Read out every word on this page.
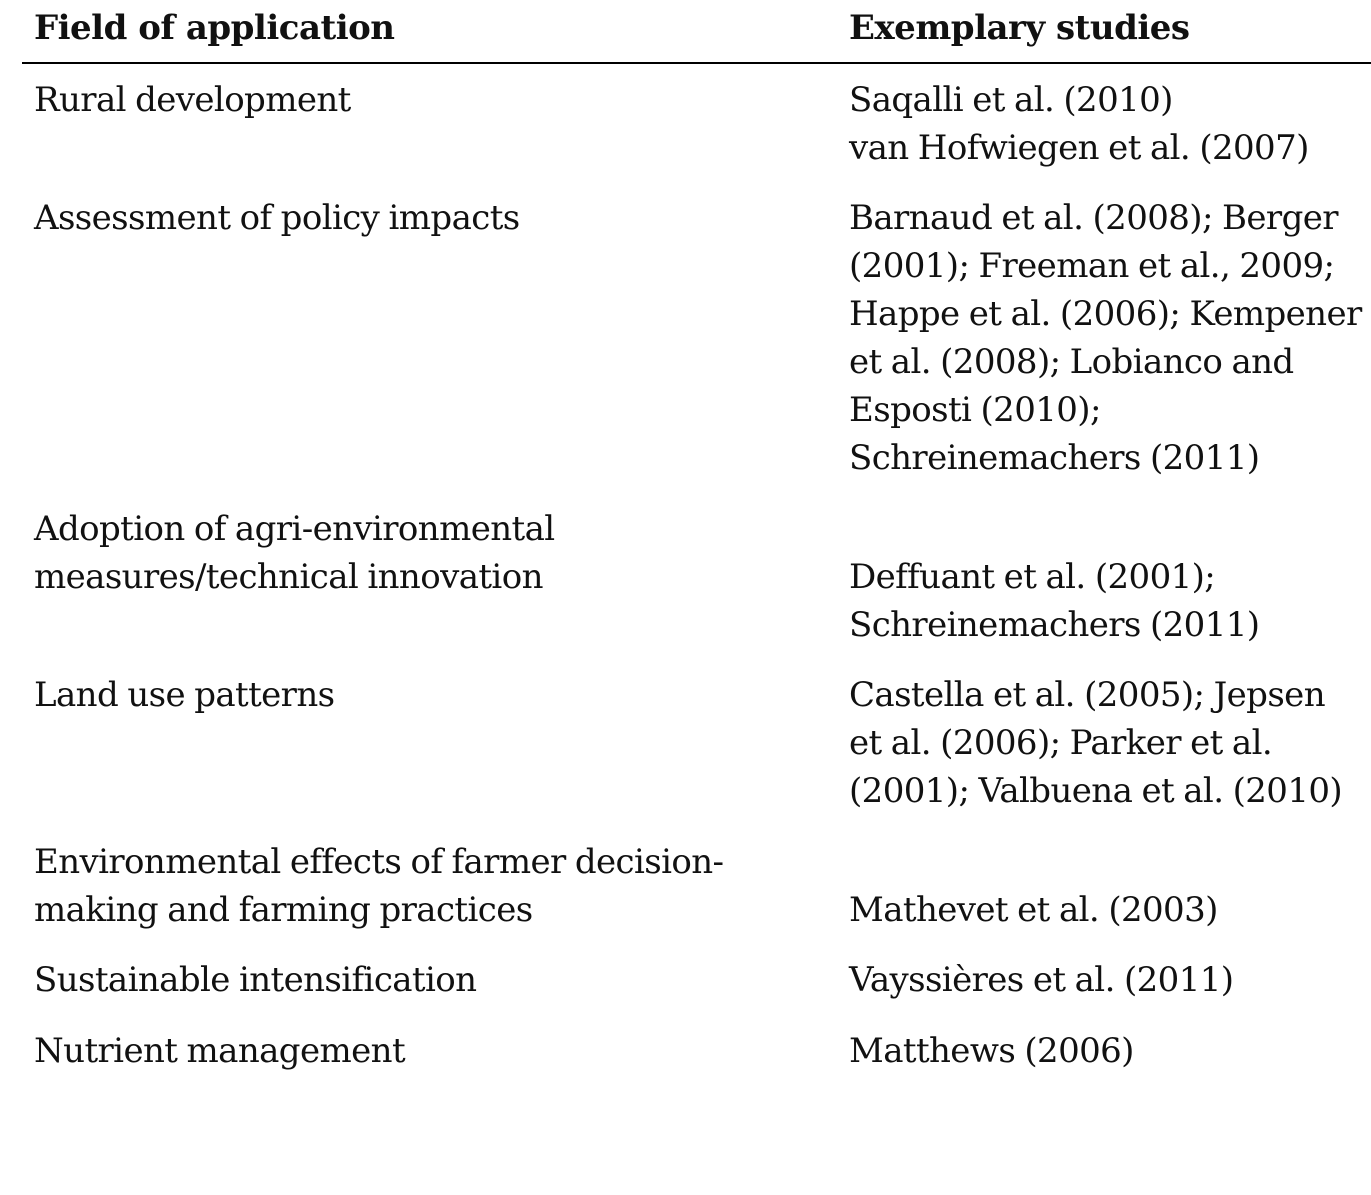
Field of application	Exemplary studies
Rural development	Saqalli et al. (2010)
van Hofwiegen et al. (2007)
Assessment of policy impacts	Barnaud et al. (2008); Berger
(2001); Freeman et al., 2009;
Happe et al. (2006); Kempener
et al. (2008); Lobianco and
Esposti (2010);
Schreinemachers (2011)
Adoption of agri-environmental
measures/technical innovation	Deffuant et al. (2001);
Schreinemachers (2011)
Land use patterns	Castella et al. (2005); Jepsen
et al. (2006); Parker et al.
(2001); Valbuena et al. (2010)
Environmental effects of farmer decision-
making and farming practices	Mathevet et al. (2003)
Sustainable intensification	Vayssières et al. (2011)
Nutrient management	Matthews (2006)
